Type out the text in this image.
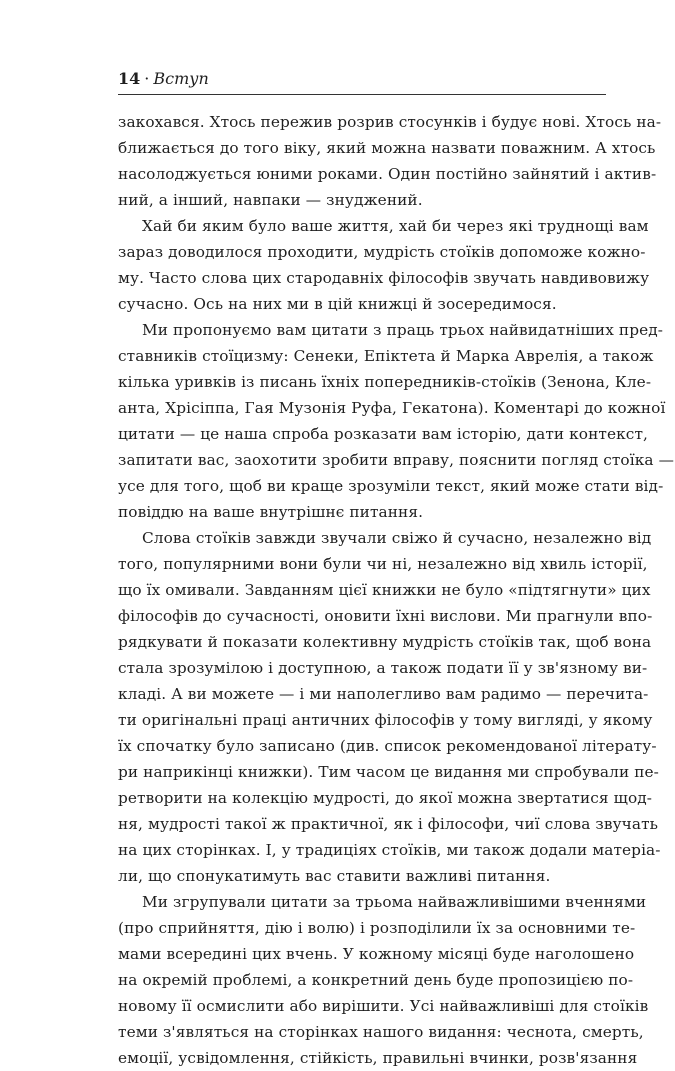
14 · Вступ
закохався. Хтось пережив розрив стосунків і будує нові. Хтось на-
ближається до того віку, який можна назвати поважним. А хтось
насолоджується юними роками. Один постійно зайнятий і актив-
ний, а інший, навпаки — знуджений.
Хай би яким було ваше життя, хай би через які труднощі вам
зараз доводилося проходити, мудрість стоїків допоможе кожно-
му. Часто слова цих стародавніх філософів звучать навдивовижу
сучасно. Ось на них ми в цій книжці й зосередимося.
Ми пропонуємо вам цитати з праць трьох найвидатніших пред-
ставників стоїцизму: Сенеки, Епіктета й Марка Аврелія, а також
кілька уривків із писань їхніх попередників-стоїків (Зенона, Кле-
анта, Хрісіппа, Гая Музонія Руфа, Гекатона). Коментарі до кожної
цитати — це наша спроба розказати вам історію, дати контекст,
запитати вас, заохотити зробити вправу, пояснити погляд стоїка —
усе для того, щоб ви краще зрозуміли текст, який може стати від-
повіддю на ваше внутрішнє питання.
Слова стоїків завжди звучали свіжо й сучасно, незалежно від
того, популярними вони були чи ні, незалежно від хвиль історії,
що їх омивали. Завданням цієї книжки не було «підтягнути» цих
філософів до сучасності, оновити їхні вислови. Ми прагнули впо-
рядкувати й показати колективну мудрість стоїків так, щоб вона
стала зрозумілою і доступною, а також подати її у зв'язному ви-
кладі. А ви можете — і ми наполегливо вам радимо — перечита-
ти оригінальні праці античних філософів у тому вигляді, у якому
їх спочатку було записано (див. список рекомендованої літерату-
ри наприкінці книжки). Тим часом це видання ми спробували пе-
ретворити на колекцію мудрості, до якої можна звертатися щод-
ня, мудрості такої ж практичної, як і філософи, чиї слова звучать
на цих сторінках. І, у традиціях стоїків, ми також додали матеріа-
ли, що спонукатимуть вас ставити важливі питання.
Ми згрупували цитати за трьома найважливішими вченнями
(про сприйняття, дію і волю) і розподілили їх за основними те-
мами всередині цих вчень. У кожному місяці буде наголошено
на окремій проблемі, а конкретний день буде пропозицією по-
новому її осмислити або вирішити. Усі найважливіші для стоїків
теми з'являться на сторінках нашого видання: чеснота, смерть,
емоції, усвідомлення, стійкість, правильні вчинки, розв'язання
